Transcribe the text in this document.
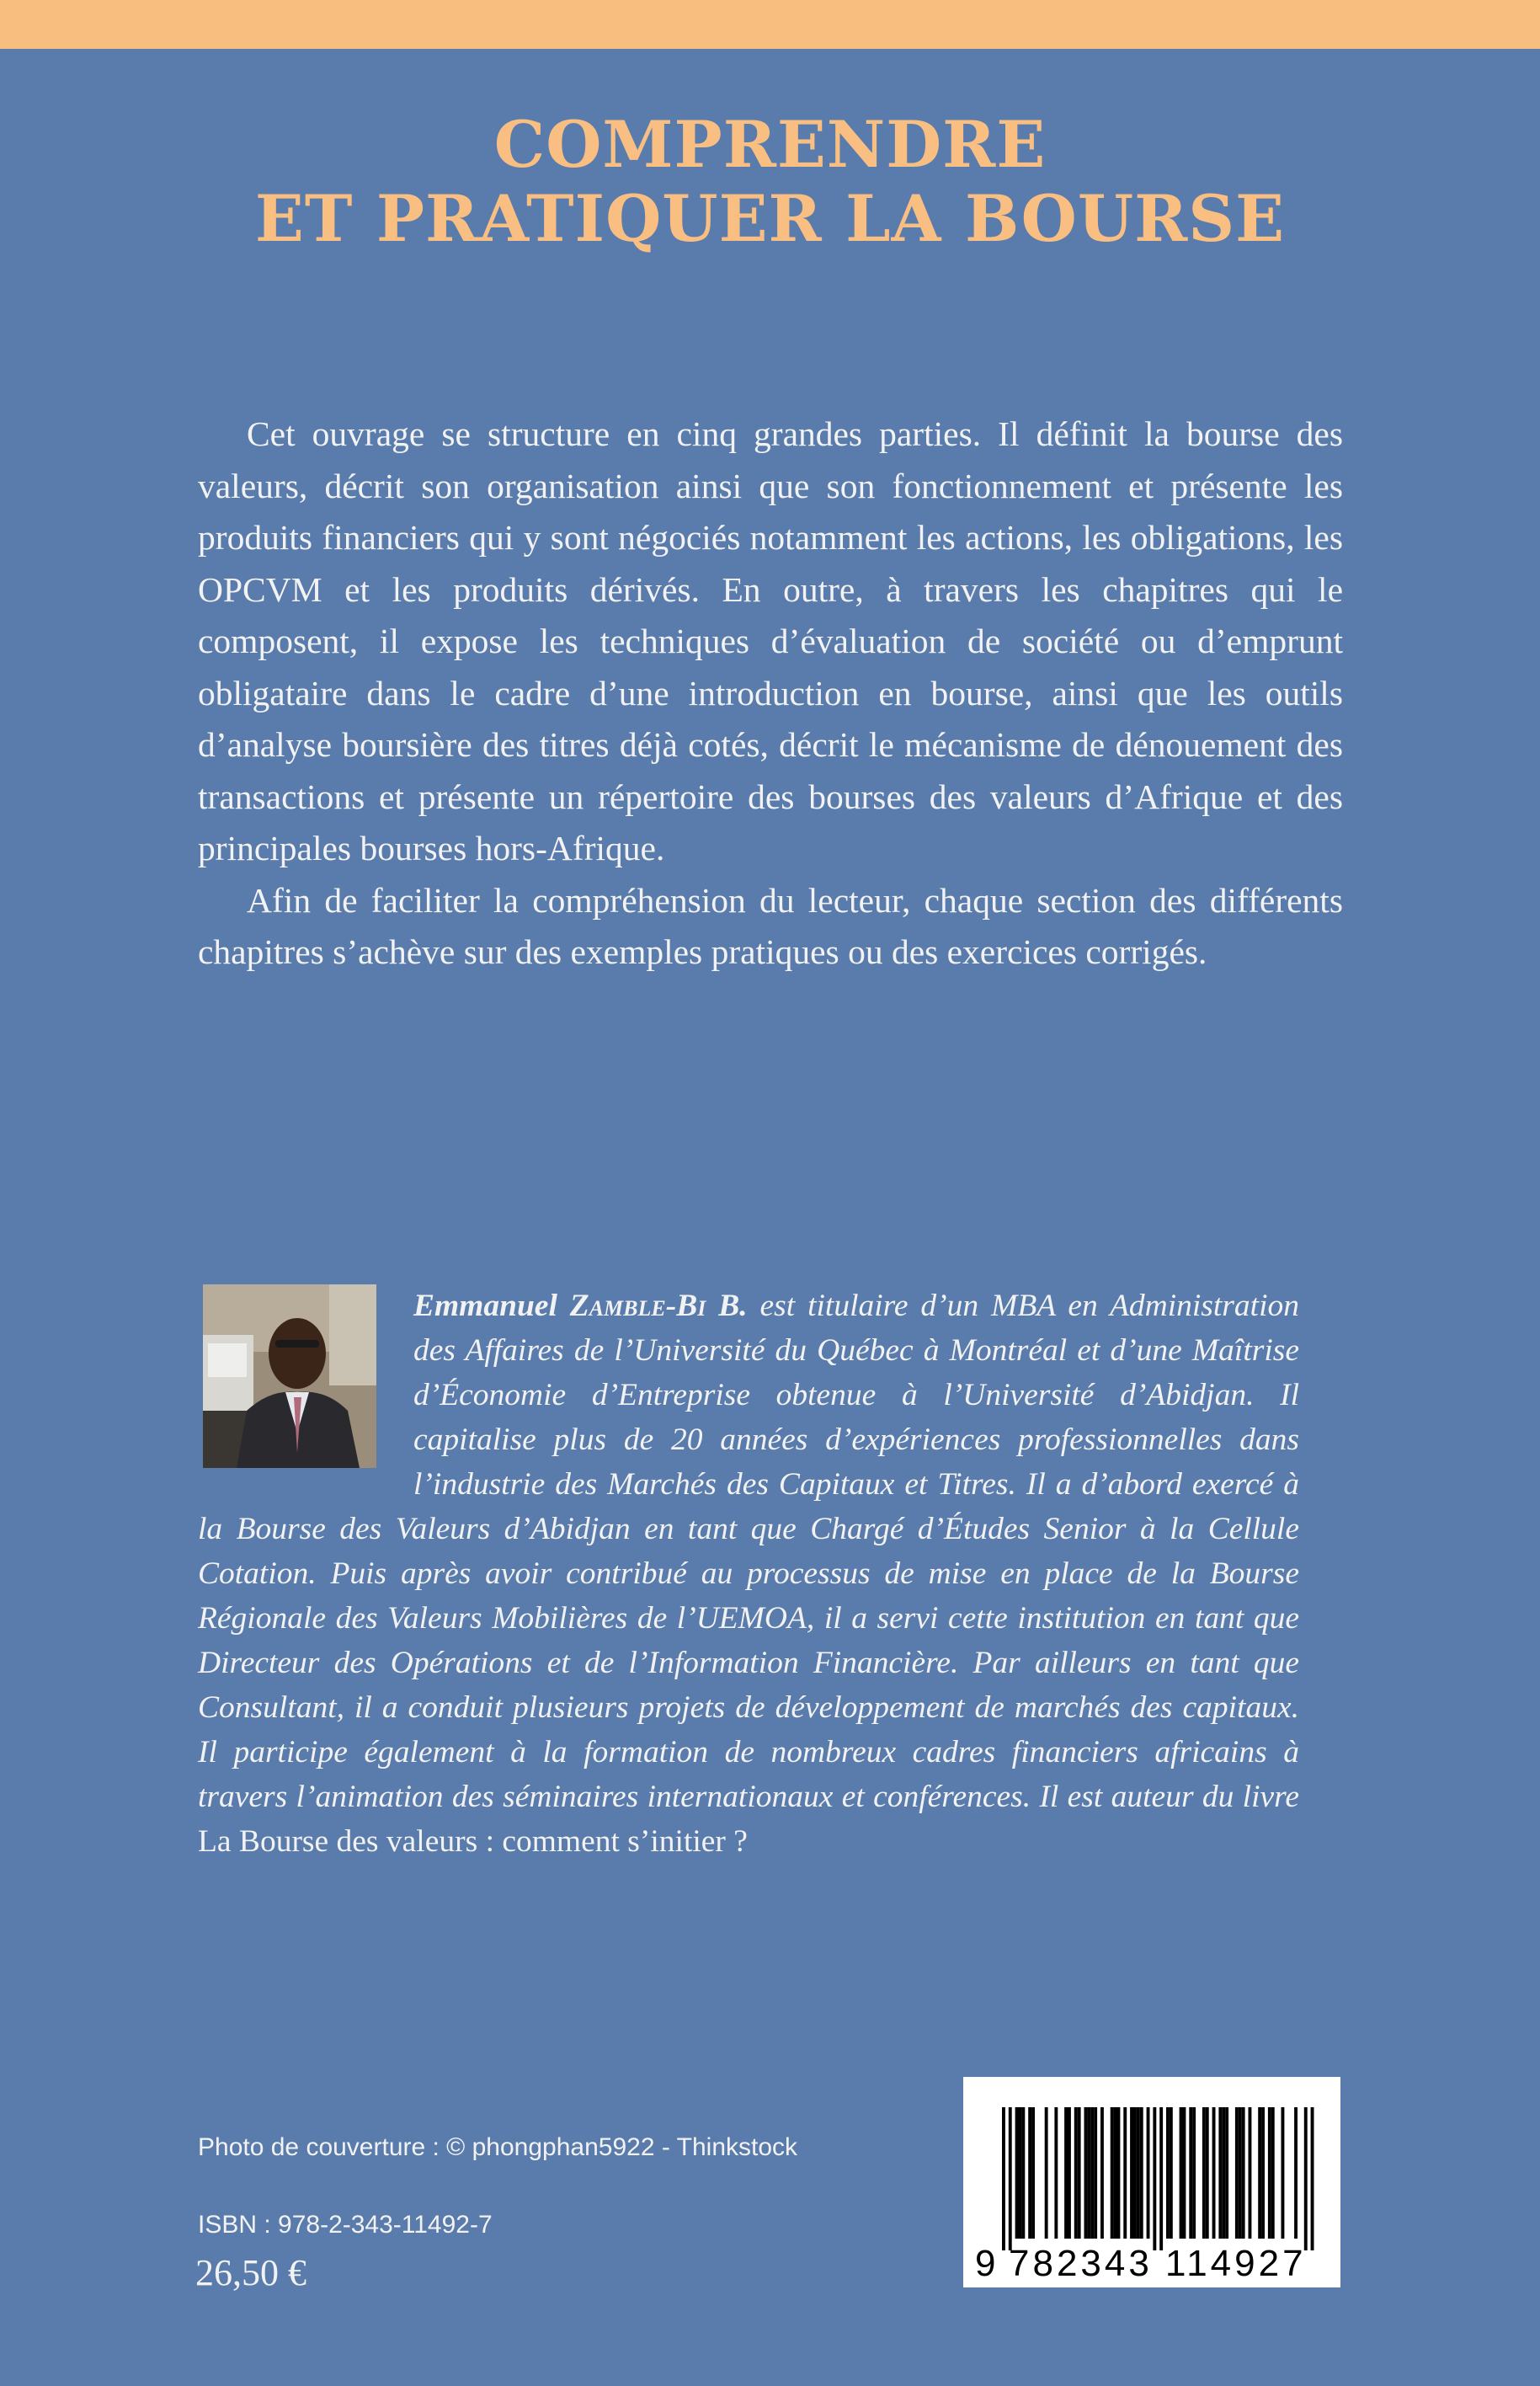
COMPRENDRE
ET PRATIQUER LA BOURSE

Cet ouvrage se structure en cinq grandes parties. Il définit la bourse des valeurs, décrit son organisation ainsi que son fonctionnement et présente les produits financiers qui y sont négociés notamment les actions, les obligations, les OPCVM et les produits dérivés. En outre, à travers les chapitres qui le composent, il expose les techniques d’évaluation de société ou d’emprunt obligataire dans le cadre d’une introduction en bourse, ainsi que les outils d’analyse boursière des titres déjà cotés, décrit le mécanisme de dénouement des transactions et présente un répertoire des bourses des valeurs d’Afrique et des principales bourses hors-Afrique.

Afin de faciliter la compréhension du lecteur, chaque section des différents chapitres s’achève sur des exemples pratiques ou des exercices corrigés.

Emmanuel Zamble-Bi B. est titulaire d’un MBA en Administration des Affaires de l’Université du Québec à Montréal et d’une Maîtrise d’Économie d’Entreprise obtenue à l’Université d’Abidjan. Il capitalise plus de 20 années d’expériences professionnelles dans l’industrie des Marchés des Capitaux et Titres. Il a d’abord exercé à la Bourse des Valeurs d’Abidjan en tant que Chargé d’Études Senior à la Cellule Cotation. Puis après avoir contribué au processus de mise en place de la Bourse Régionale des Valeurs Mobilières de l’UEMOA, il a servi cette institution en tant que Directeur des Opérations et de l’Information Financière. Par ailleurs en tant que Consultant, il a conduit plusieurs projets de développement de marchés des capitaux. Il participe également à la formation de nombreux cadres financiers africains à travers l’animation des séminaires internationaux et conférences. Il est auteur du livre La Bourse des valeurs : comment s’initier ?
Photo de couverture : © phongphan5922 - Thinkstock
ISBN : 978-2-343-11492-7
26,50 €	9 782343 114927
